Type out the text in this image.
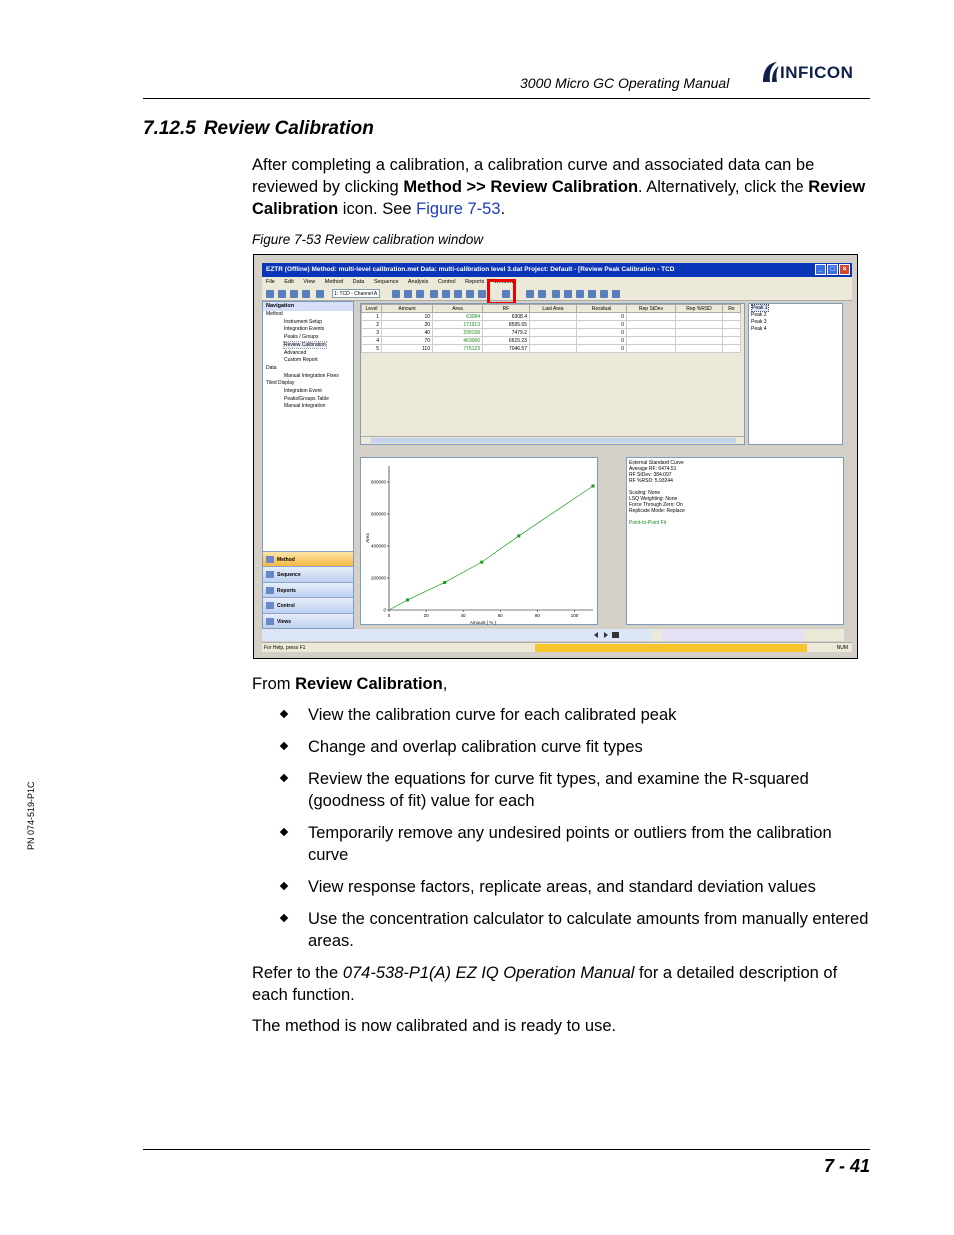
3000 Micro GC Operating Manual
INFICON
PN 074-519-P1C
7.12.5 Review Calibration
After completing a calibration, a calibration curve and associated data can be reviewed by clicking Method >> Review Calibration. Alternatively, click the Review Calibration icon. See Figure 7-53.
Figure 7-53 Review calibration window
EZTR (Offline) Method: multi-level calibration.met Data: multi-calibration level 3.dat Project: Default - [Review Peak Calibration - TCD	_	□	×
File Edit View Method Data Sequence Analysis Control Reports Window
1: TCD - Channel A
Navigation
Method
Instrument Setup
Integration Events
Peaks / Groups
Review Calibration
Advanced
Custom Report
Data
Manual Integration Fixes
Tiled Display
Integration Event
Peaks/Groups Table
Manual Integration
Method
Sequence
Reports
Control
Views
Level	Amount	Area	RF	Last Area	Residual	Rep StDev	Rep %RSD	Re
1	10	63084	6308.4		0			
2	20	171913	8595.65		0			
3	40	299168	7479.2		0			
4	70	463066	6615.23		0			
5	110	775123	7046.57		0			
Peak 1
Peak 2
Peak 3
Peak 4
0
200000
400000
600000
800000
0	20	40	60	80	100
Amount ( % )
Area
External Standard Curve
Average RF: 6474.51
RF StDev: 384.097
RF %RSD: 5.93244
Scaling: None
LSQ Weighting: None
Force Through Zero: On
Replicate Mode: Replace
Point-to-Point Fit
For Help, press F1	NUM
From Review Calibration,
View the calibration curve for each calibrated peak
Change and overlap calibration curve fit types
Review the equations for curve fit types, and examine the R-squared (goodness of fit) value for each
Temporarily remove any undesired points or outliers from the calibration curve
View response factors, replicate areas, and standard deviation values
Use the concentration calculator to calculate amounts from manually entered areas.
Refer to the 074-538-P1(A) EZ IQ Operation Manual for a detailed description of each function.
The method is now calibrated and is ready to use.
7 - 41
